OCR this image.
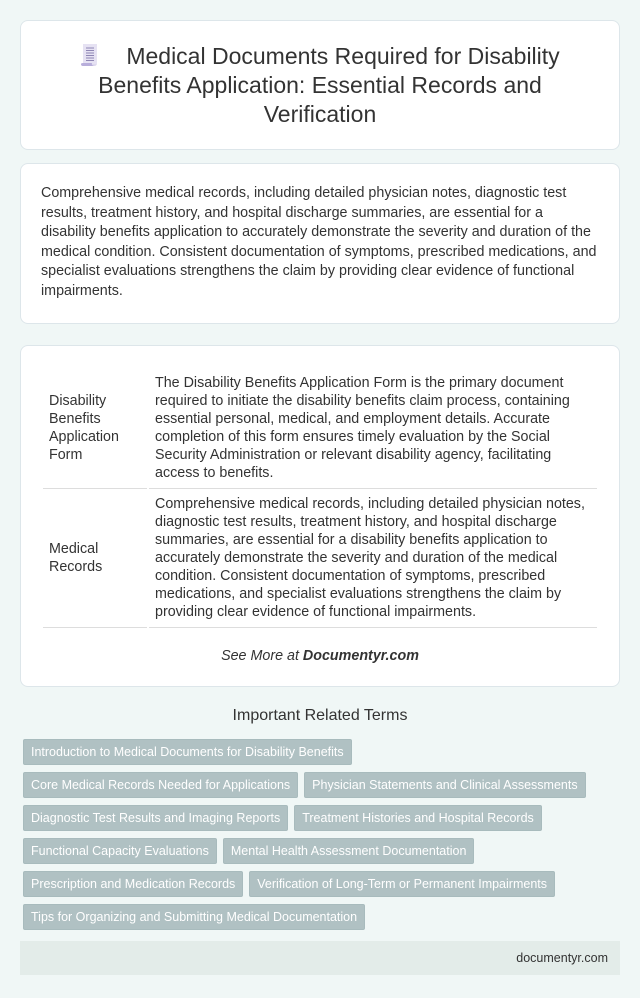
Medical Documents Required for Disability Benefits Application: Essential Records and Verification

Comprehensive medical records, including detailed physician notes, diagnostic test results, treatment history, and hospital discharge summaries, are essential for a disability benefits application to accurately demonstrate the severity and duration of the medical condition. Consistent documentation of symptoms, prescribed medications, and specialist evaluations strengthens the claim by providing clear evidence of functional impairments.

Disability Benefits Application Form	The Disability Benefits Application Form is the primary document required to initiate the disability benefits claim process, containing essential personal, medical, and employment details. Accurate completion of this form ensures timely evaluation by the Social Security Administration or relevant disability agency, facilitating access to benefits.
Medical Records	Comprehensive medical records, including detailed physician notes, diagnostic test results, treatment history, and hospital discharge summaries, are essential for a disability benefits application to accurately demonstrate the severity and duration of the medical condition. Consistent documentation of symptoms, prescribed medications, and specialist evaluations strengthens the claim by providing clear evidence of functional impairments.
See More at Documentyr.com
Important Related Terms
Introduction to Medical Documents for Disability Benefits
Core Medical Records Needed for Applications	Physician Statements and Clinical Assessments
Diagnostic Test Results and Imaging Reports	Treatment Histories and Hospital Records
Functional Capacity Evaluations	Mental Health Assessment Documentation
Prescription and Medication Records	Verification of Long-Term or Permanent Impairments
Tips for Organizing and Submitting Medical Documentation
documentyr.com
